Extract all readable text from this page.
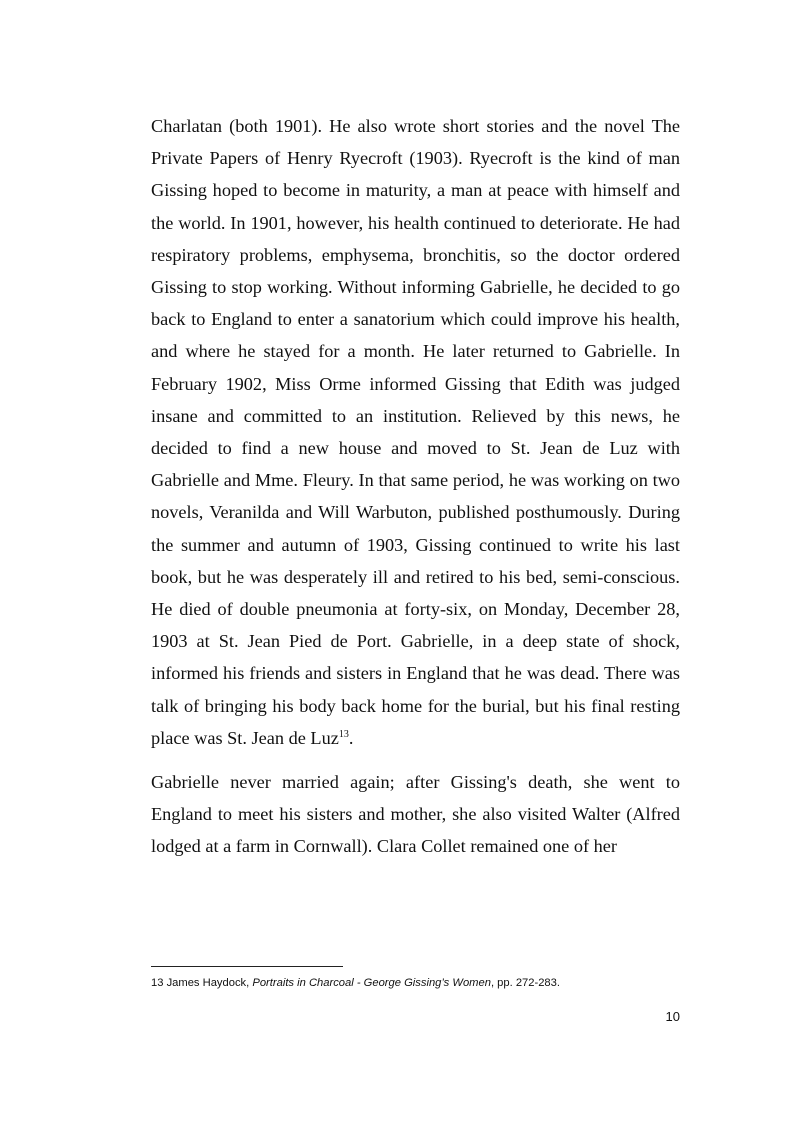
Charlatan (both 1901). He also wrote short stories and the novel The Private Papers of Henry Ryecroft (1903). Ryecroft is the kind of man Gissing hoped to become in maturity, a man at peace with himself and the world. In 1901, however, his health continued to deteriorate. He had respiratory problems, emphysema, bronchitis, so the doctor ordered Gissing to stop working. Without informing Gabrielle, he decided to go back to England to enter a sanatorium which could improve his health, and where he stayed for a month. He later returned to Gabrielle. In February 1902, Miss Orme informed Gissing that Edith was judged insane and committed to an institution. Relieved by this news, he decided to find a new house and moved to St. Jean de Luz with Gabrielle and Mme. Fleury. In that same period, he was working on two novels, Veranilda and Will Warbuton, published posthumously. During the summer and autumn of 1903, Gissing continued to write his last book, but he was desperately ill and retired to his bed, semi-conscious. He died of double pneumonia at forty-six, on Monday, December 28, 1903 at St. Jean Pied de Port. Gabrielle, in a deep state of shock, informed his friends and sisters in England that he was dead. There was talk of bringing his body back home for the burial, but his final resting place was St. Jean de Luz$^{13}$.

Gabrielle never married again; after Gissing's death, she went to England to meet his sisters and mother, she also visited Walter (Alfred lodged at a farm in Cornwall). Clara Collet remained one of her

13 James Haydock, Portraits in Charcoal - George Gissing’s Women, pp. 272-283.

10
